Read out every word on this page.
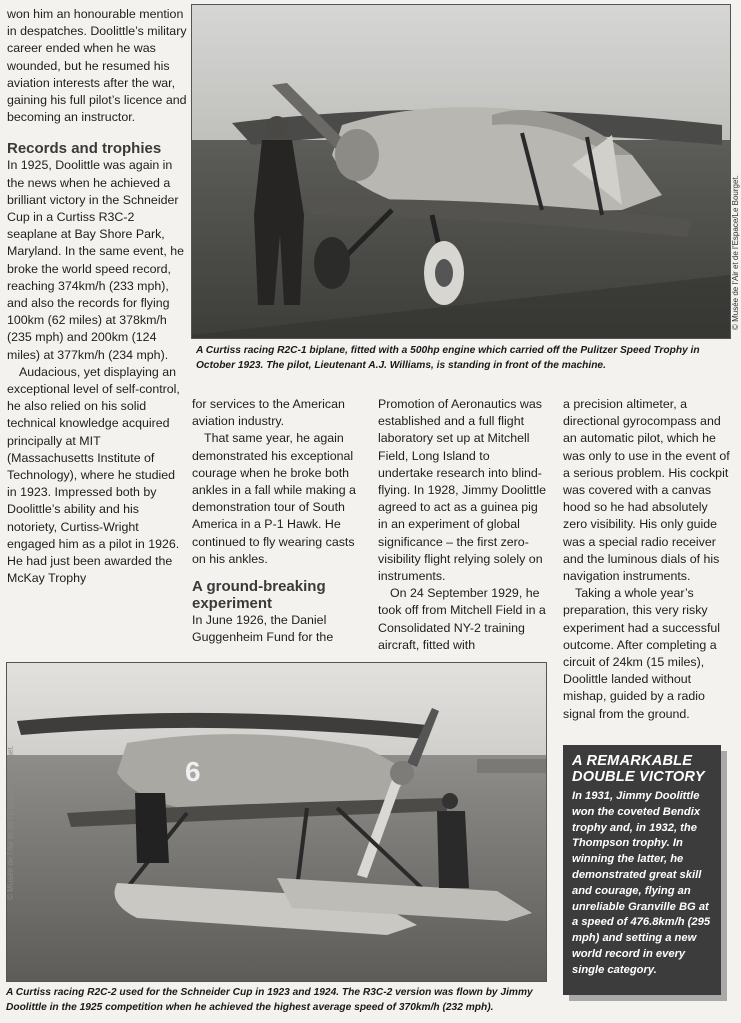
won him an honourable mention in despatches. Doolittle’s military career ended when he was wounded, but he resumed his aviation interests after the war, gaining his full pilot’s licence and becoming an instructor.

Records and trophies

In 1925, Doolittle was again in the news when he achieved a brilliant victory in the Schneider Cup in a Curtiss R3C-2 seaplane at Bay Shore Park, Maryland. In the same event, he broke the world speed record, reaching 374km/h (233 mph), and also the records for flying 100km (62 miles) at 378km/h (235 mph) and 200km (124 miles) at 377km/h (234 mph).

Audacious, yet displaying an exceptional level of self-control, he also relied on his solid technical knowledge acquired principally at MIT (Massachusetts Institute of Technology), where he studied in 1923. Impressed both by Doolittle’s ability and his notoriety, Curtiss-Wright engaged him as a pilot in 1926. He had just been awarded the McKay Trophy

© Musée de l’Air et de l’Espace/Le Bourget.
A Curtiss racing R2C-1 biplane, fitted with a 500hp engine which carried off the Pulitzer Speed Trophy in October 1923. The pilot, Lieutenant A.J. Williams, is standing in front of the machine.

for services to the American aviation industry.

That same year, he again demonstrated his exceptional courage when he broke both ankles in a fall while making a demonstration tour of South America in a P-1 Hawk. He continued to fly wearing casts on his ankles.

A ground-breaking experiment

In June 1926, the Daniel Guggenheim Fund for the

Promotion of Aeronautics was established and a full flight laboratory set up at Mitchell Field, Long Island to undertake research into blind-flying. In 1928, Jimmy Doolittle agreed to act as a guinea pig in an experiment of global significance – the first zero-visibility flight relying solely on instruments.

On 24 September 1929, he took off from Mitchell Field in a Consolidated NY-2 training aircraft, fitted with

a precision altimeter, a directional gyrocompass and an automatic pilot, which he was only to use in the event of a serious problem. His cockpit was covered with a canvas hood so he had absolutely zero visibility. His only guide was a special radio receiver and the luminous dials of his navigation instruments.

Taking a whole year’s preparation, this very risky experiment had a successful outcome. After completing a circuit of 24km (15 miles), Doolittle landed without mishap, guided by a radio signal from the ground.

6
© Musée de l’Air et de l’Espace/Le Bourget.
A Curtiss racing R2C-2 used for the Schneider Cup in 1923 and 1924. The R3C-2 version was flown by Jimmy Doolittle in the 1925 competition when he achieved the highest average speed of 370km/h (232 mph).
A REMARKABLE
DOUBLE VICTORY

In 1931, Jimmy Doolittle won the coveted Bendix trophy and, in 1932, the Thompson trophy. In winning the latter, he demonstrated great skill and courage, flying an unreliable Granville BG at a speed of 476.8km/h (295 mph) and setting a new world record in every single category.
